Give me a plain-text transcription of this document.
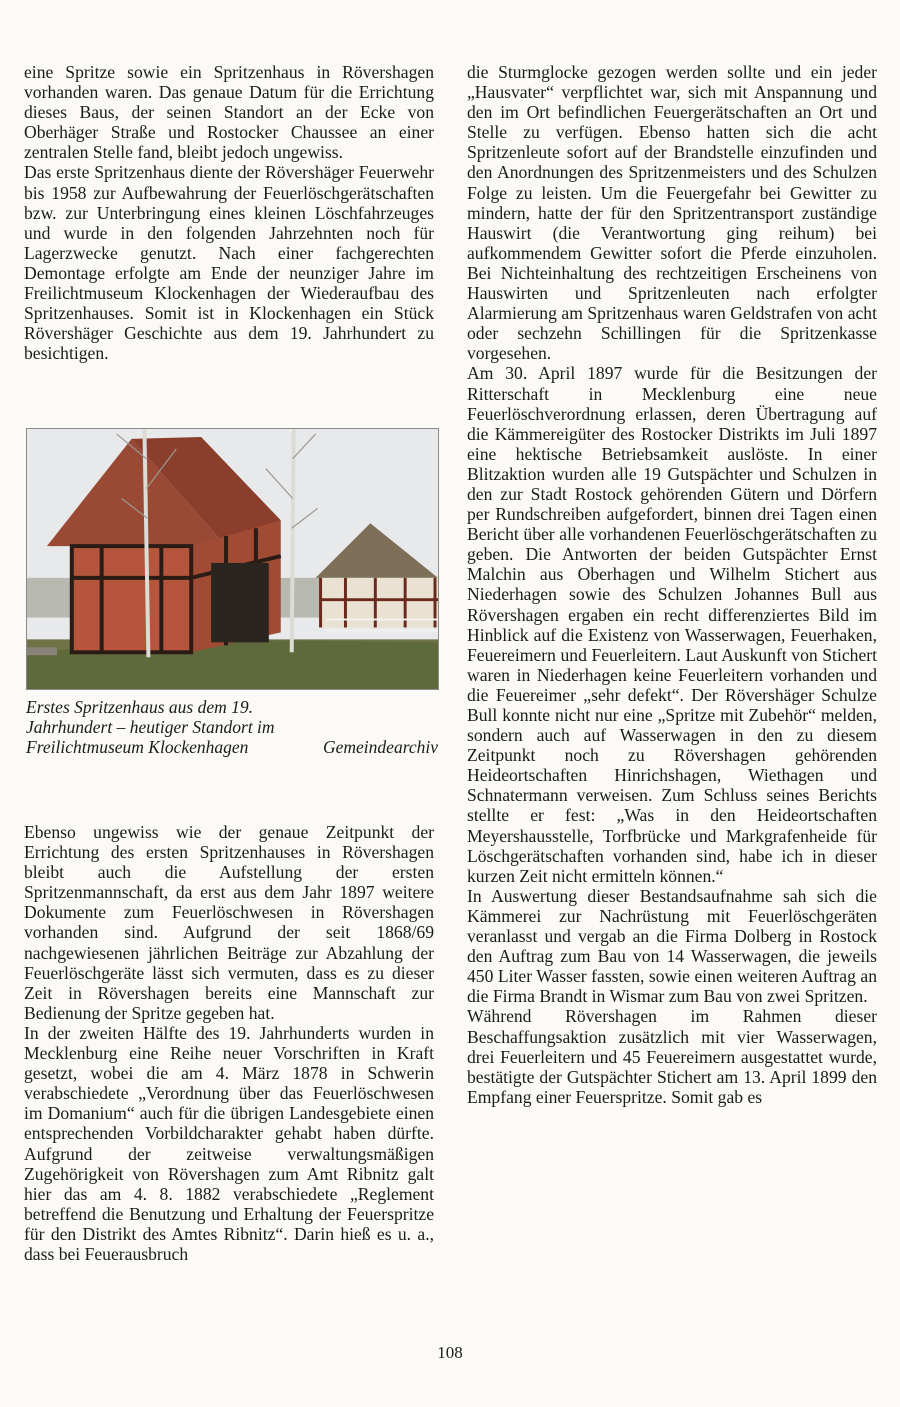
eine Spritze sowie ein Spritzenhaus in Rövershagen vorhanden waren. Das genaue Datum für die Errichtung dieses Baus, der seinen Standort an der Ecke von Oberhäger Straße und Rostocker Chaussee an einer zentralen Stelle fand, bleibt jedoch ungewiss.

Das erste Spritzenhaus diente der Rövershäger Feuerwehr bis 1958 zur Aufbewahrung der Feuerlöschgerätschaften bzw. zur Unterbringung eines kleinen Löschfahrzeuges und wurde in den folgenden Jahrzehnten noch für Lagerzwecke genutzt. Nach einer fachgerechten Demontage erfolgte am Ende der neunziger Jahre im Freilichtmuseum Klockenhagen der Wiederaufbau des Spritzenhauses. Somit ist in Klockenhagen ein Stück Rövershäger Geschichte aus dem 19. Jahrhundert zu besichtigen.

Erstes Spritzenhaus aus dem 19. Jahrhundert – heutiger Standort im Freilichtmuseum Klockenhagen	Gemeindearchiv

Ebenso ungewiss wie der genaue Zeitpunkt der Errichtung des ersten Spritzenhauses in Rövershagen bleibt auch die Aufstellung der ersten Spritzenmannschaft, da erst aus dem Jahr 1897 weitere Dokumente zum Feuerlöschwesen in Rövershagen vorhanden sind. Aufgrund der seit 1868/69 nachgewiesenen jährlichen Beiträge zur Abzahlung der Feuerlöschgeräte lässt sich vermuten, dass es zu dieser Zeit in Rövershagen bereits eine Mannschaft zur Bedienung der Spritze gegeben hat.

In der zweiten Hälfte des 19. Jahrhunderts wurden in Mecklenburg eine Reihe neuer Vorschriften in Kraft gesetzt, wobei die am 4. März 1878 in Schwerin verabschiedete „Verordnung über das Feuerlöschwesen im Domanium“ auch für die übrigen Landesgebiete einen entsprechenden Vorbildcharakter gehabt haben dürfte. Aufgrund der zeitweise verwaltungsmäßigen Zugehörigkeit von Rövershagen zum Amt Ribnitz galt hier das am 4. 8. 1882 verabschiedete „Reglement betreffend die Benutzung und Erhaltung der Feuerspritze für den Distrikt des Amtes Ribnitz“. Darin hieß es u. a., dass bei Feuerausbruch

die Sturmglocke gezogen werden sollte und ein jeder „Hausvater“ verpflichtet war, sich mit Anspannung und den im Ort befindlichen Feuergerätschaften an Ort und Stelle zu verfügen. Ebenso hatten sich die acht Spritzenleute sofort auf der Brandstelle einzufinden und den Anordnungen des Spritzenmeisters und des Schulzen Folge zu leisten. Um die Feuergefahr bei Gewitter zu mindern, hatte der für den Spritzentransport zuständige Hauswirt (die Verantwortung ging reihum) bei aufkommendem Gewitter sofort die Pferde einzuholen. Bei Nichteinhaltung des rechtzeitigen Erscheinens von Hauswirten und Spritzenleuten nach erfolgter Alarmierung am Spritzenhaus waren Geldstrafen von acht oder sechzehn Schillingen für die Spritzenkasse vorgesehen.

Am 30. April 1897 wurde für die Besitzungen der Ritterschaft in Mecklenburg eine neue Feuerlöschverordnung erlassen, deren Übertragung auf die Kämmereigüter des Rostocker Distrikts im Juli 1897 eine hektische Betriebsamkeit auslöste. In einer Blitzaktion wurden alle 19 Gutspächter und Schulzen in den zur Stadt Rostock gehörenden Gütern und Dörfern per Rundschreiben aufgefordert, binnen drei Tagen einen Bericht über alle vorhandenen Feuerlöschgerätschaften zu geben. Die Antworten der beiden Gutspächter Ernst Malchin aus Oberhagen und Wilhelm Stichert aus Niederhagen sowie des Schulzen Johannes Bull aus Rövershagen ergaben ein recht differenziertes Bild im Hinblick auf die Existenz von Wasserwagen, Feuerhaken, Feuereimern und Feuerleitern. Laut Auskunft von Stichert waren in Niederhagen keine Feuerleitern vorhanden und die Feuereimer „sehr defekt“. Der Rövershäger Schulze Bull konnte nicht nur eine „Spritze mit Zubehör“ melden, sondern auch auf Wasserwagen in den zu diesem Zeitpunkt noch zu Rövershagen gehörenden Heideortschaften Hinrichshagen, Wiethagen und Schnatermann verweisen. Zum Schluss seines Berichts stellte er fest: „Was in den Heideortschaften Meyershausstelle, Torfbrücke und Markgrafenheide für Löschgerätschaften vorhanden sind, habe ich in dieser kurzen Zeit nicht ermitteln können.“

In Auswertung dieser Bestandsaufnahme sah sich die Kämmerei zur Nachrüstung mit Feuerlöschgeräten veranlasst und vergab an die Firma Dolberg in Rostock den Auftrag zum Bau von 14 Wasserwagen, die jeweils 450 Liter Wasser fassten, sowie einen weiteren Auftrag an die Firma Brandt in Wismar zum Bau von zwei Spritzen.

Während Rövershagen im Rahmen dieser Beschaffungsaktion zusätzlich mit vier Wasserwagen, drei Feuerleitern und 45 Feuereimern ausgestattet wurde, bestätigte der Gutspächter Stichert am 13. April 1899 den Empfang einer Feuerspritze. Somit gab es

108
